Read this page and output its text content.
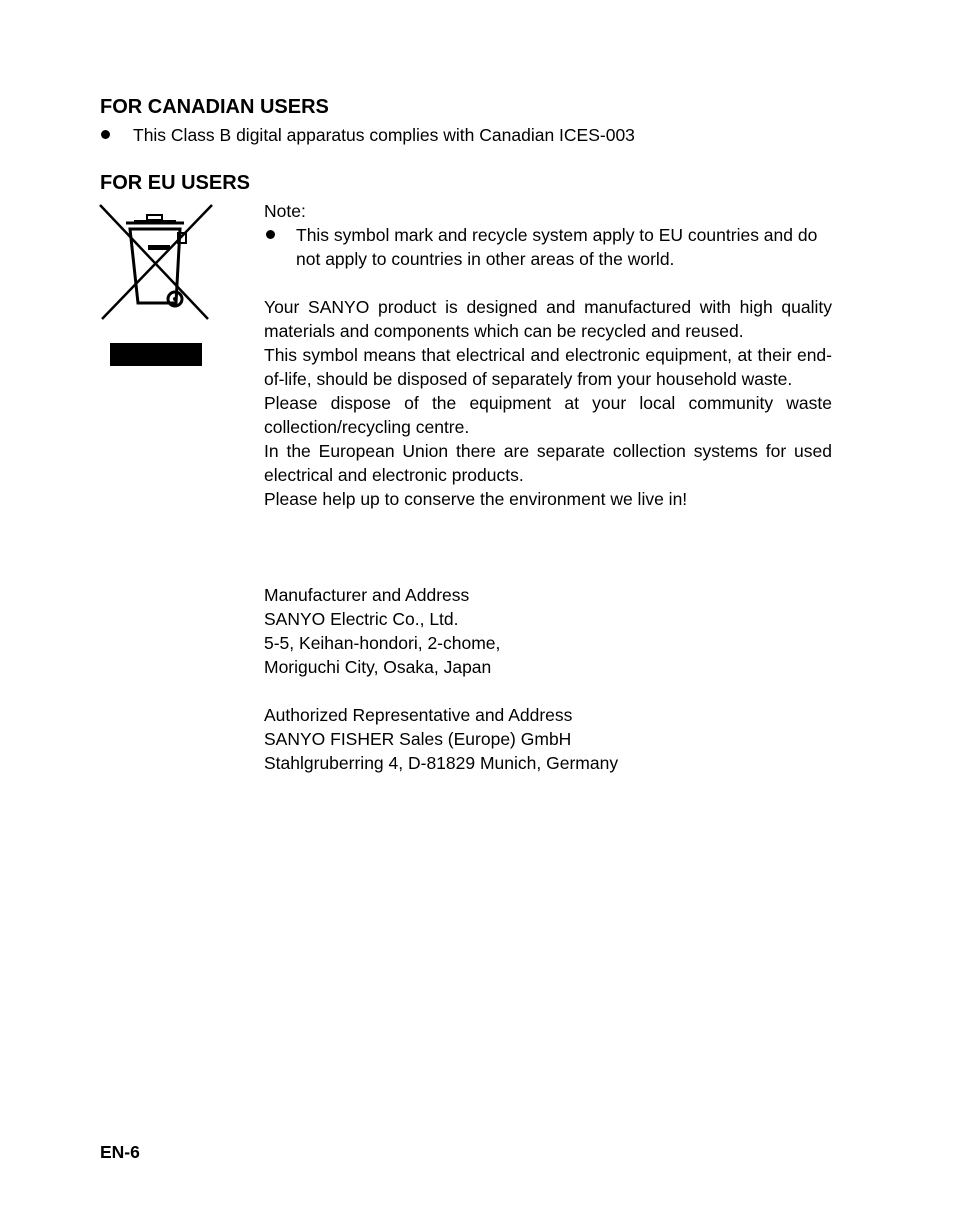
FOR CANADIAN USERS

This Class B digital apparatus complies with Canadian ICES-003

FOR EU USERS

Note:

This symbol mark and recycle system apply to EU countries and do not apply to countries in other areas of the world.

Your SANYO product is designed and manufactured with high quality materials and components which can be recycled and reused.

This symbol means that electrical and electronic equipment, at their end-of-life, should be disposed of separately from your household waste.

Please dispose of the equipment at your local community waste collection/recycling centre.

In the European Union there are separate collection systems for used electrical and electronic products.

Please help up to conserve the environment we live in!

Manufacturer and Address
SANYO Electric Co., Ltd.
5-5, Keihan-hondori, 2-chome,
Moriguchi City, Osaka, Japan
Authorized Representative and Address
SANYO FISHER Sales (Europe) GmbH
Stahlgruberring 4, D-81829 Munich, Germany

EN-6
